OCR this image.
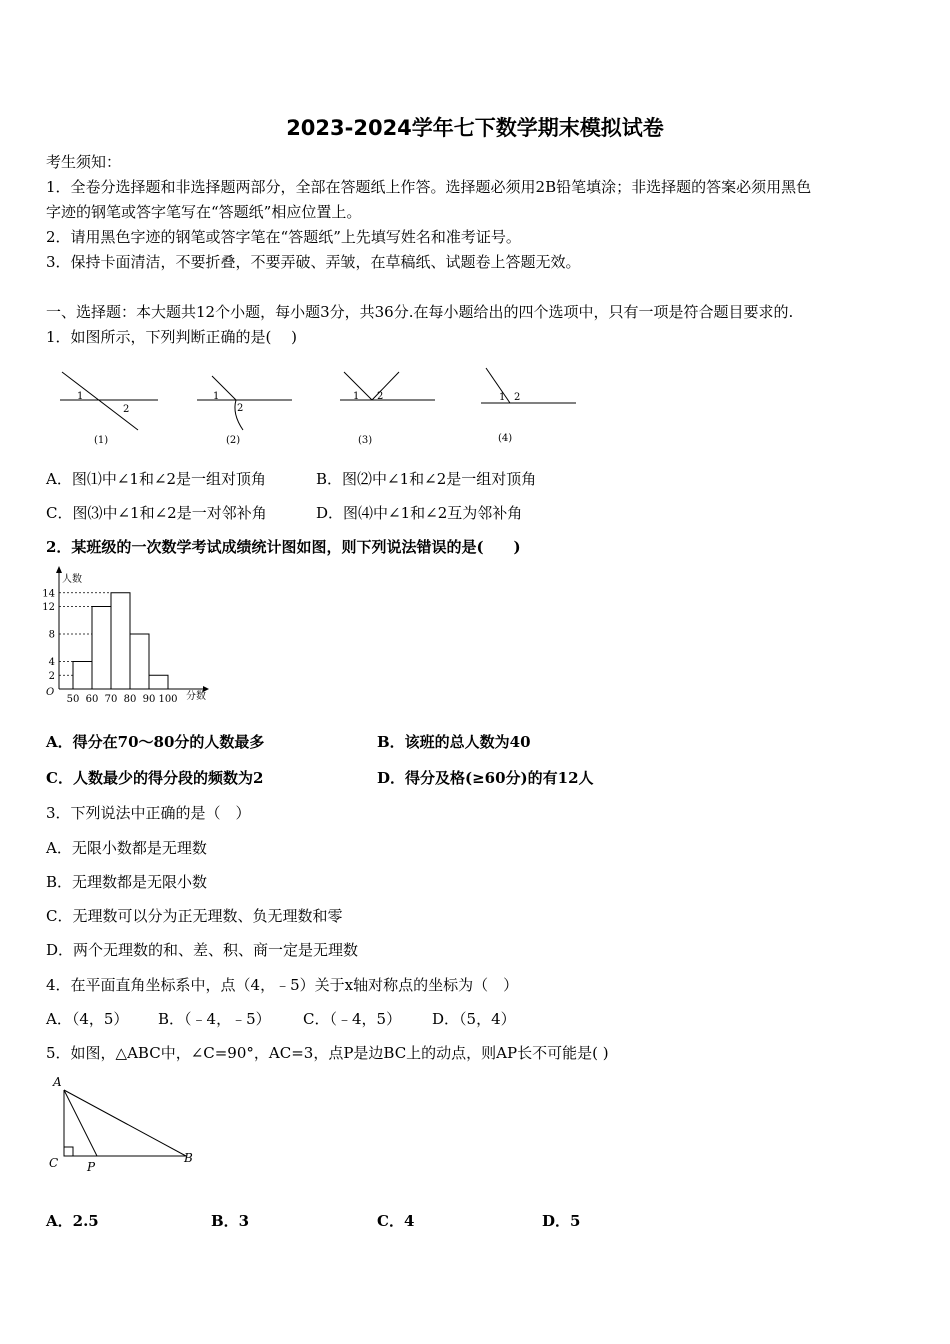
2023-2024学年七下数学期末模拟试卷
考生须知：
1．全卷分选择题和非选择题两部分，全部在答题纸上作答。选择题必须用2B铅笔填涂；非选择题的答案必须用黑色
字迹的钢笔或答字笔写在“答题纸”相应位置上。
2．请用黑色字迹的钢笔或答字笔在“答题纸”上先填写姓名和准考证号。
3．保持卡面清洁，不要折叠，不要弄破、弄皱，在草稿纸、试题卷上答题无效。
一、选择题：本大题共12个小题，每小题3分，共36分.在每小题给出的四个选项中，只有一项是符合题目要求的.
1．如图所示，下列判断正确的是(　 )
1
2
(1)
1
2
(2)
1 2
(3)
1 2
(4)
A．图⑴中∠1和∠2是一组对顶角	B．图⑵中∠1和∠2是一组对顶角
C．图⑶中∠1和∠2是一对邻补角	D．图⑷中∠1和∠2互为邻补角
2．某班级的一次数学考试成绩统计图如图，则下列说法错误的是(　　)
2
4
8
12
14
50 60 70 80 90 100
人数
分数
O
A．得分在70～80分的人数最多	B．该班的总人数为40
C．人数最少的得分段的频数为2	D．得分及格(≥60分)的有12人
3．下列说法中正确的是（　）
A．无限小数都是无理数
B．无理数都是无限小数
C．无理数可以分为正无理数、负无理数和零
D．两个无理数的和、差、积、商一定是无理数
4．在平面直角坐标系中，点（4，﹣5）关于x轴对称点的坐标为（　）
A．（4，5） B．（﹣4，﹣5） C．（﹣4，5） D．（5，4）
5．如图，△ABC中，∠C=90°，AC=3，点P是边BC上的动点，则AP长不可能是( )
A
C P
B
A．2.5	B．3	C．4	D．5
